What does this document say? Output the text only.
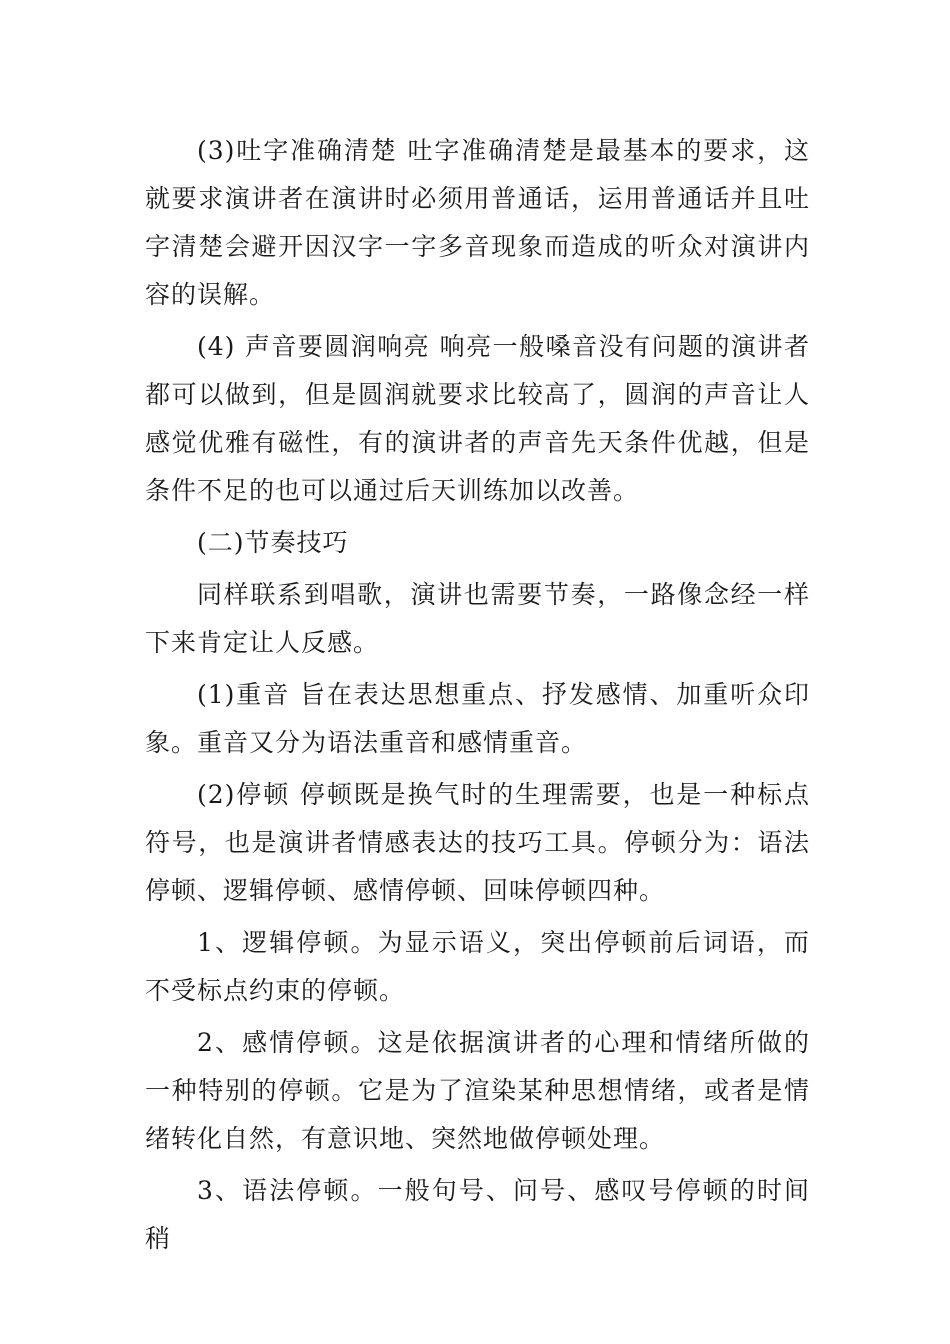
(3)吐字准确清楚 吐字准确清楚是最基本的要求，这就要求演讲者在演讲时必须用普通话，运用普通话并且吐字清楚会避开因汉字一字多音现象而造成的听众对演讲内容的误解。

(4) 声音要圆润响亮 响亮一般嗓音没有问题的演讲者都可以做到，但是圆润就要求比较高了，圆润的声音让人感觉优雅有磁性，有的演讲者的声音先天条件优越，但是条件不足的也可以通过后天训练加以改善。

(二)节奏技巧

同样联系到唱歌，演讲也需要节奏，一路像念经一样下来肯定让人反感。

(1)重音 旨在表达思想重点、抒发感情、加重听众印象。重音又分为语法重音和感情重音。

(2)停顿 停顿既是换气时的生理需要，也是一种标点符号，也是演讲者情感表达的技巧工具。停顿分为：语法停顿、逻辑停顿、感情停顿、回味停顿四种。

1、逻辑停顿。为显示语义，突出停顿前后词语，而不受标点约束的停顿。

2、感情停顿。这是依据演讲者的心理和情绪所做的一种特别的停顿。它是为了渲染某种思想情绪，或者是情绪转化自然，有意识地、突然地做停顿处理。

3、语法停顿。一般句号、问号、感叹号停顿的时间稍
